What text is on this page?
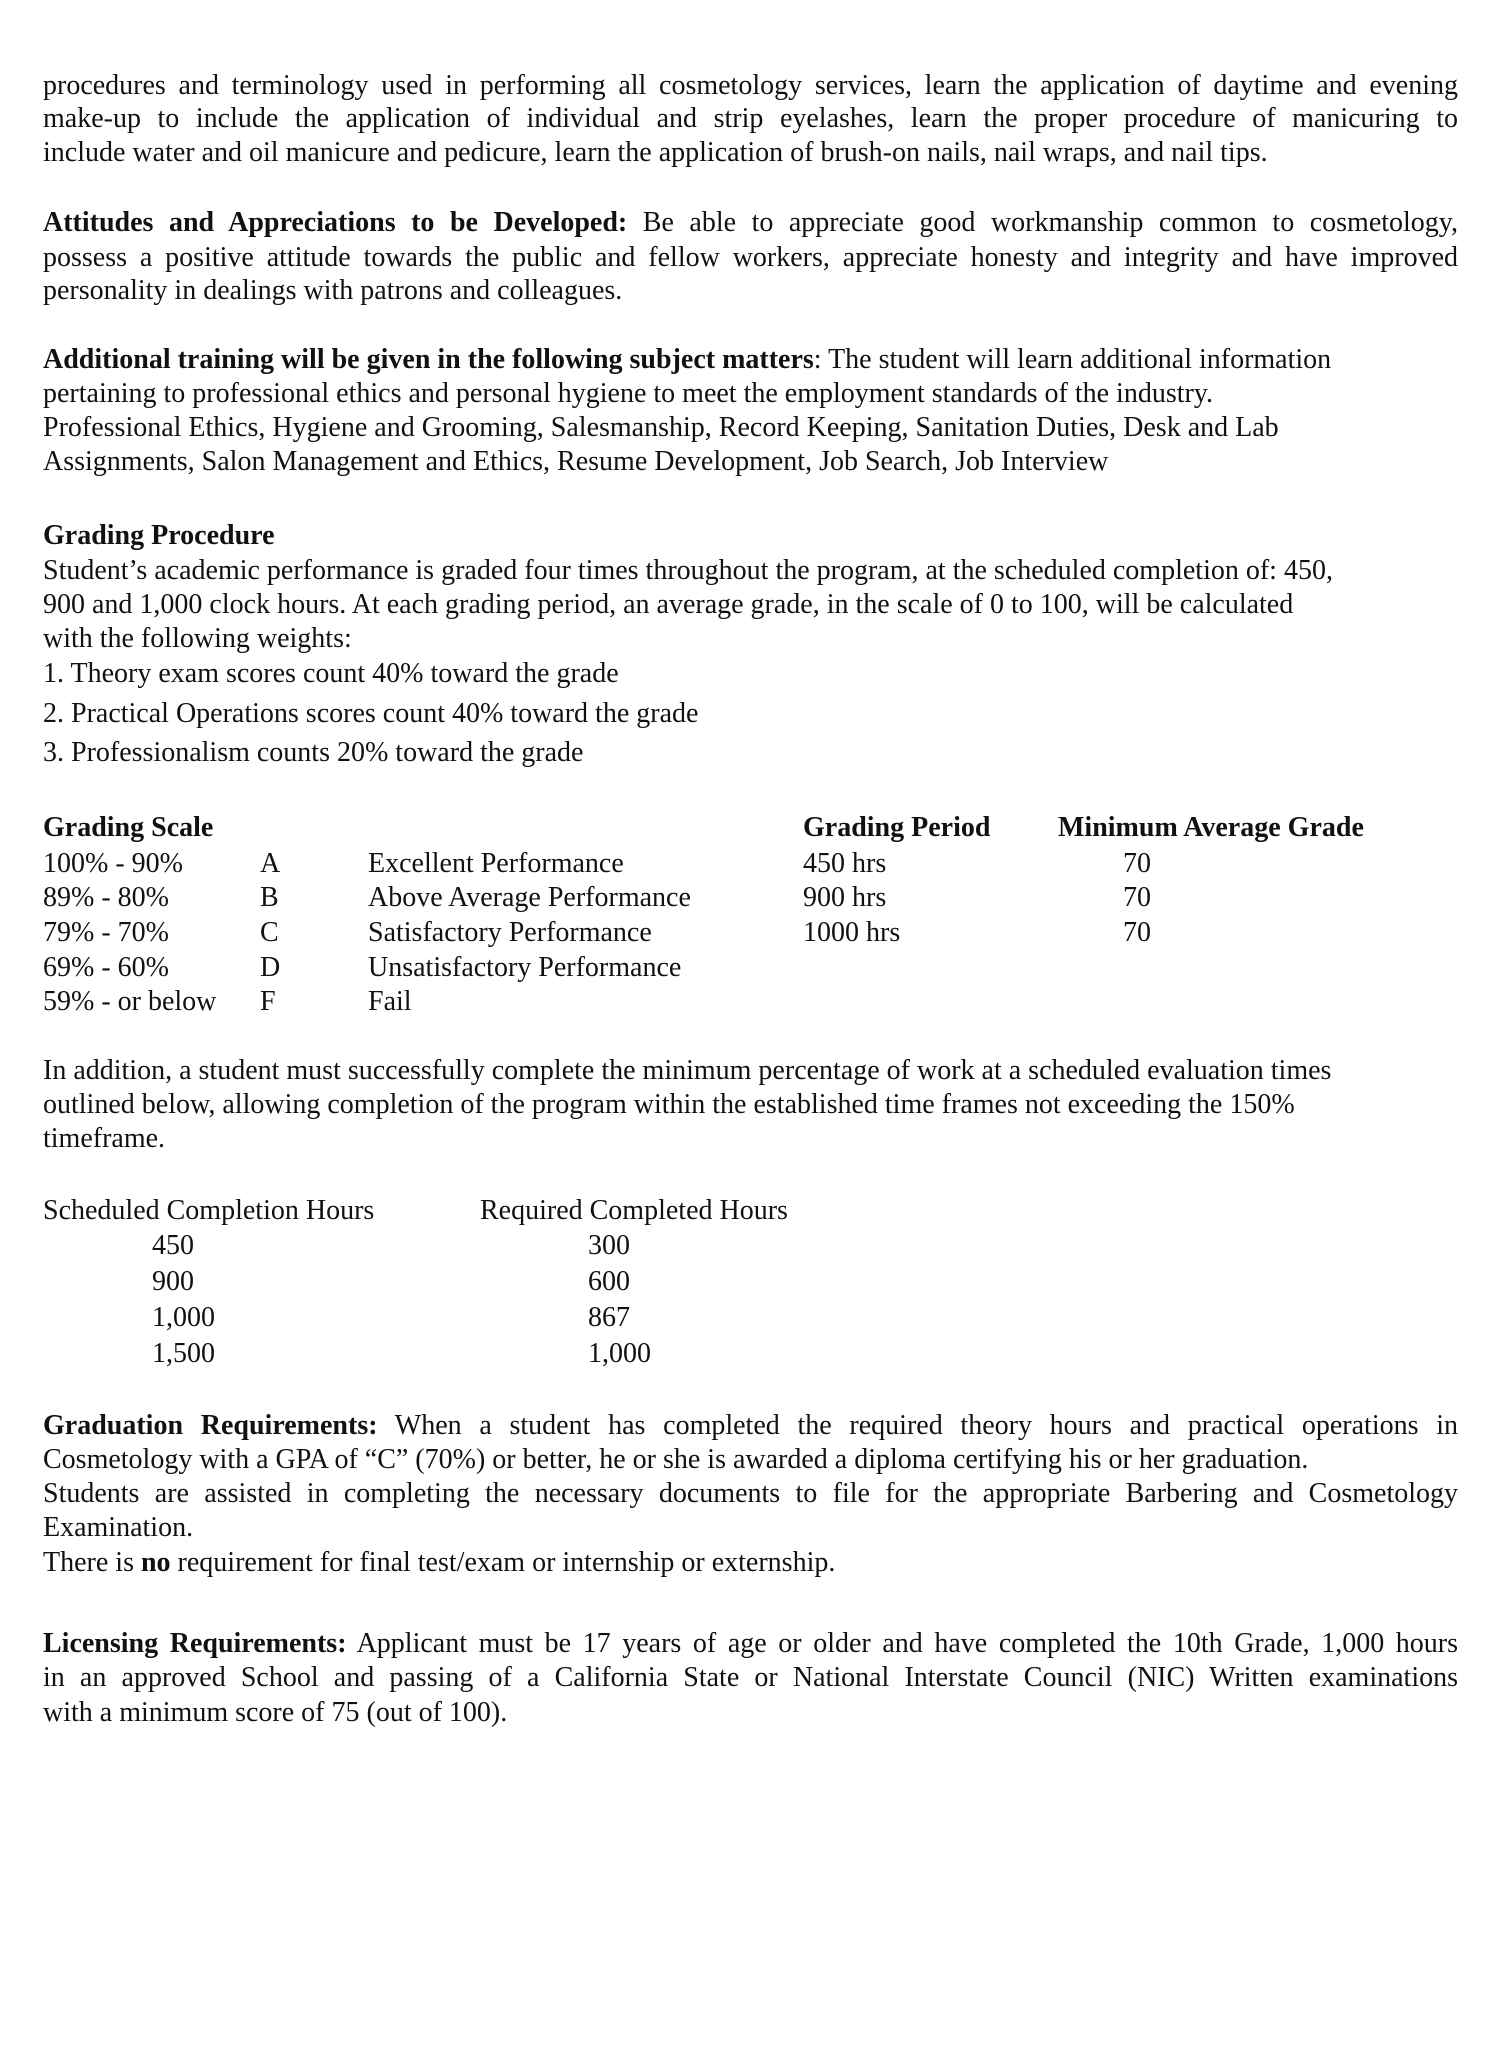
procedures and terminology used in performing all cosmetology services, learn the application of daytime and evening
make-up to include the application of individual and strip eyelashes, learn the proper procedure of manicuring to
include water and oil manicure and pedicure, learn the application of brush-on nails, nail wraps, and nail tips.
Attitudes and Appreciations to be Developed: Be able to appreciate good workmanship common to cosmetology,
possess a positive attitude towards the public and fellow workers, appreciate honesty and integrity and have improved
personality in dealings with patrons and colleagues.
Additional training will be given in the following subject matters: The student will learn additional information
pertaining to professional ethics and personal hygiene to meet the employment standards of the industry.
Professional Ethics, Hygiene and Grooming, Salesmanship, Record Keeping, Sanitation Duties, Desk and Lab
Assignments, Salon Management and Ethics, Resume Development, Job Search, Job Interview
Grading Procedure
Student’s academic performance is graded four times throughout the program, at the scheduled completion of: 450,
900 and 1,000 clock hours. At each grading period, an average grade, in the scale of 0 to 100, will be calculated
with the following weights:
1. Theory exam scores count 40% toward the grade
2. Practical Operations scores count 40% toward the grade
3. Professionalism counts 20% toward the grade
Grading Scale
100% - 90%	A	Excellent Performance
89% - 80%	B	Above Average Performance
79% - 70%	C	Satisfactory Performance
69% - 60%	D	Unsatisfactory Performance
59% - or below F	Fail
Grading Period Minimum Average Grade
450 hrs	70
900 hrs	70
1000 hrs	70
In addition, a student must successfully complete the minimum percentage of work at a scheduled evaluation times
outlined below, allowing completion of the program within the established time frames not exceeding the 150%
timeframe.
Scheduled Completion Hours	Required Completed Hours
450	300
900	600
1,000	867
1,500	1,000
Graduation Requirements: When a student has completed the required theory hours and practical operations in
Cosmetology with a GPA of “C” (70%) or better, he or she is awarded a diploma certifying his or her graduation.
Students are assisted in completing the necessary documents to file for the appropriate Barbering and Cosmetology
Examination.
There is no requirement for final test/exam or internship or externship.
Licensing Requirements: Applicant must be 17 years of age or older and have completed the 10th Grade, 1,000 hours
in an approved School and passing of a California State or National Interstate Council (NIC) Written examinations
with a minimum score of 75 (out of 100).
